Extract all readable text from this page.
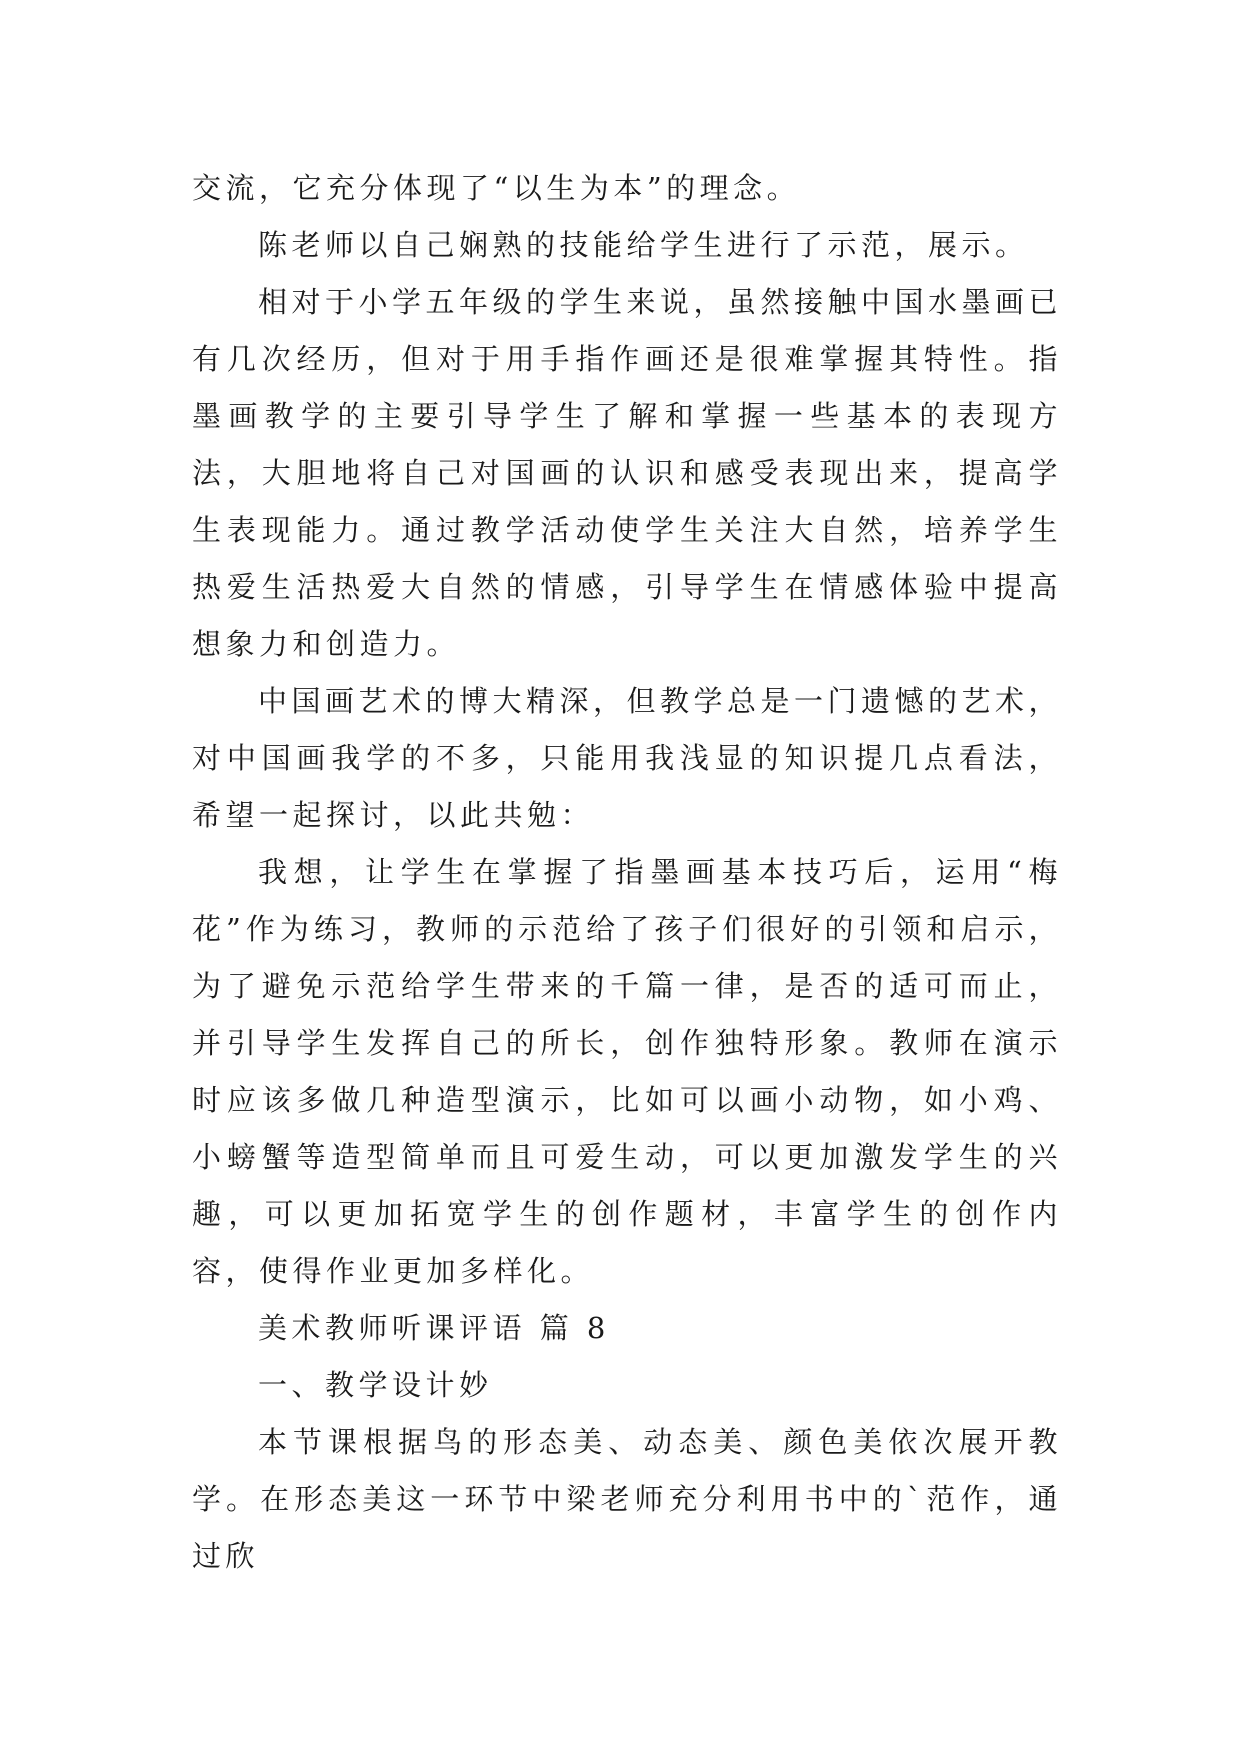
交流，它充分体现了“以生为本”的理念。

陈老师以自己娴熟的技能给学生进行了示范，展示。

相对于小学五年级的学生来说，虽然接触中国水墨画已有几次经历，但对于用手指作画还是很难掌握其特性。指墨画教学的主要引导学生了解和掌握一些基本的表现方法，大胆地将自己对国画的认识和感受表现出来，提高学生表现能力。通过教学活动使学生关注大自然，培养学生热爱生活热爱大自然的情感，引导学生在情感体验中提高想象力和创造力。

中国画艺术的博大精深，但教学总是一门遗憾的艺术，对中国画我学的不多，只能用我浅显的知识提几点看法，希望一起探讨，以此共勉：

我想，让学生在掌握了指墨画基本技巧后，运用“梅花”作为练习，教师的示范给了孩子们很好的引领和启示，为了避免示范给学生带来的千篇一律，是否的适可而止，并引导学生发挥自己的所长，创作独特形象。教师在演示时应该多做几种造型演示，比如可以画小动物，如小鸡、小螃蟹等造型简单而且可爱生动，可以更加激发学生的兴趣，可以更加拓宽学生的创作题材，丰富学生的创作内容，使得作业更加多样化。

美术教师听课评语 篇 8

一、教学设计妙

本节课根据鸟的形态美、动态美、颜色美依次展开教学。在形态美这一环节中梁老师充分利用书中的`范作，通过欣
